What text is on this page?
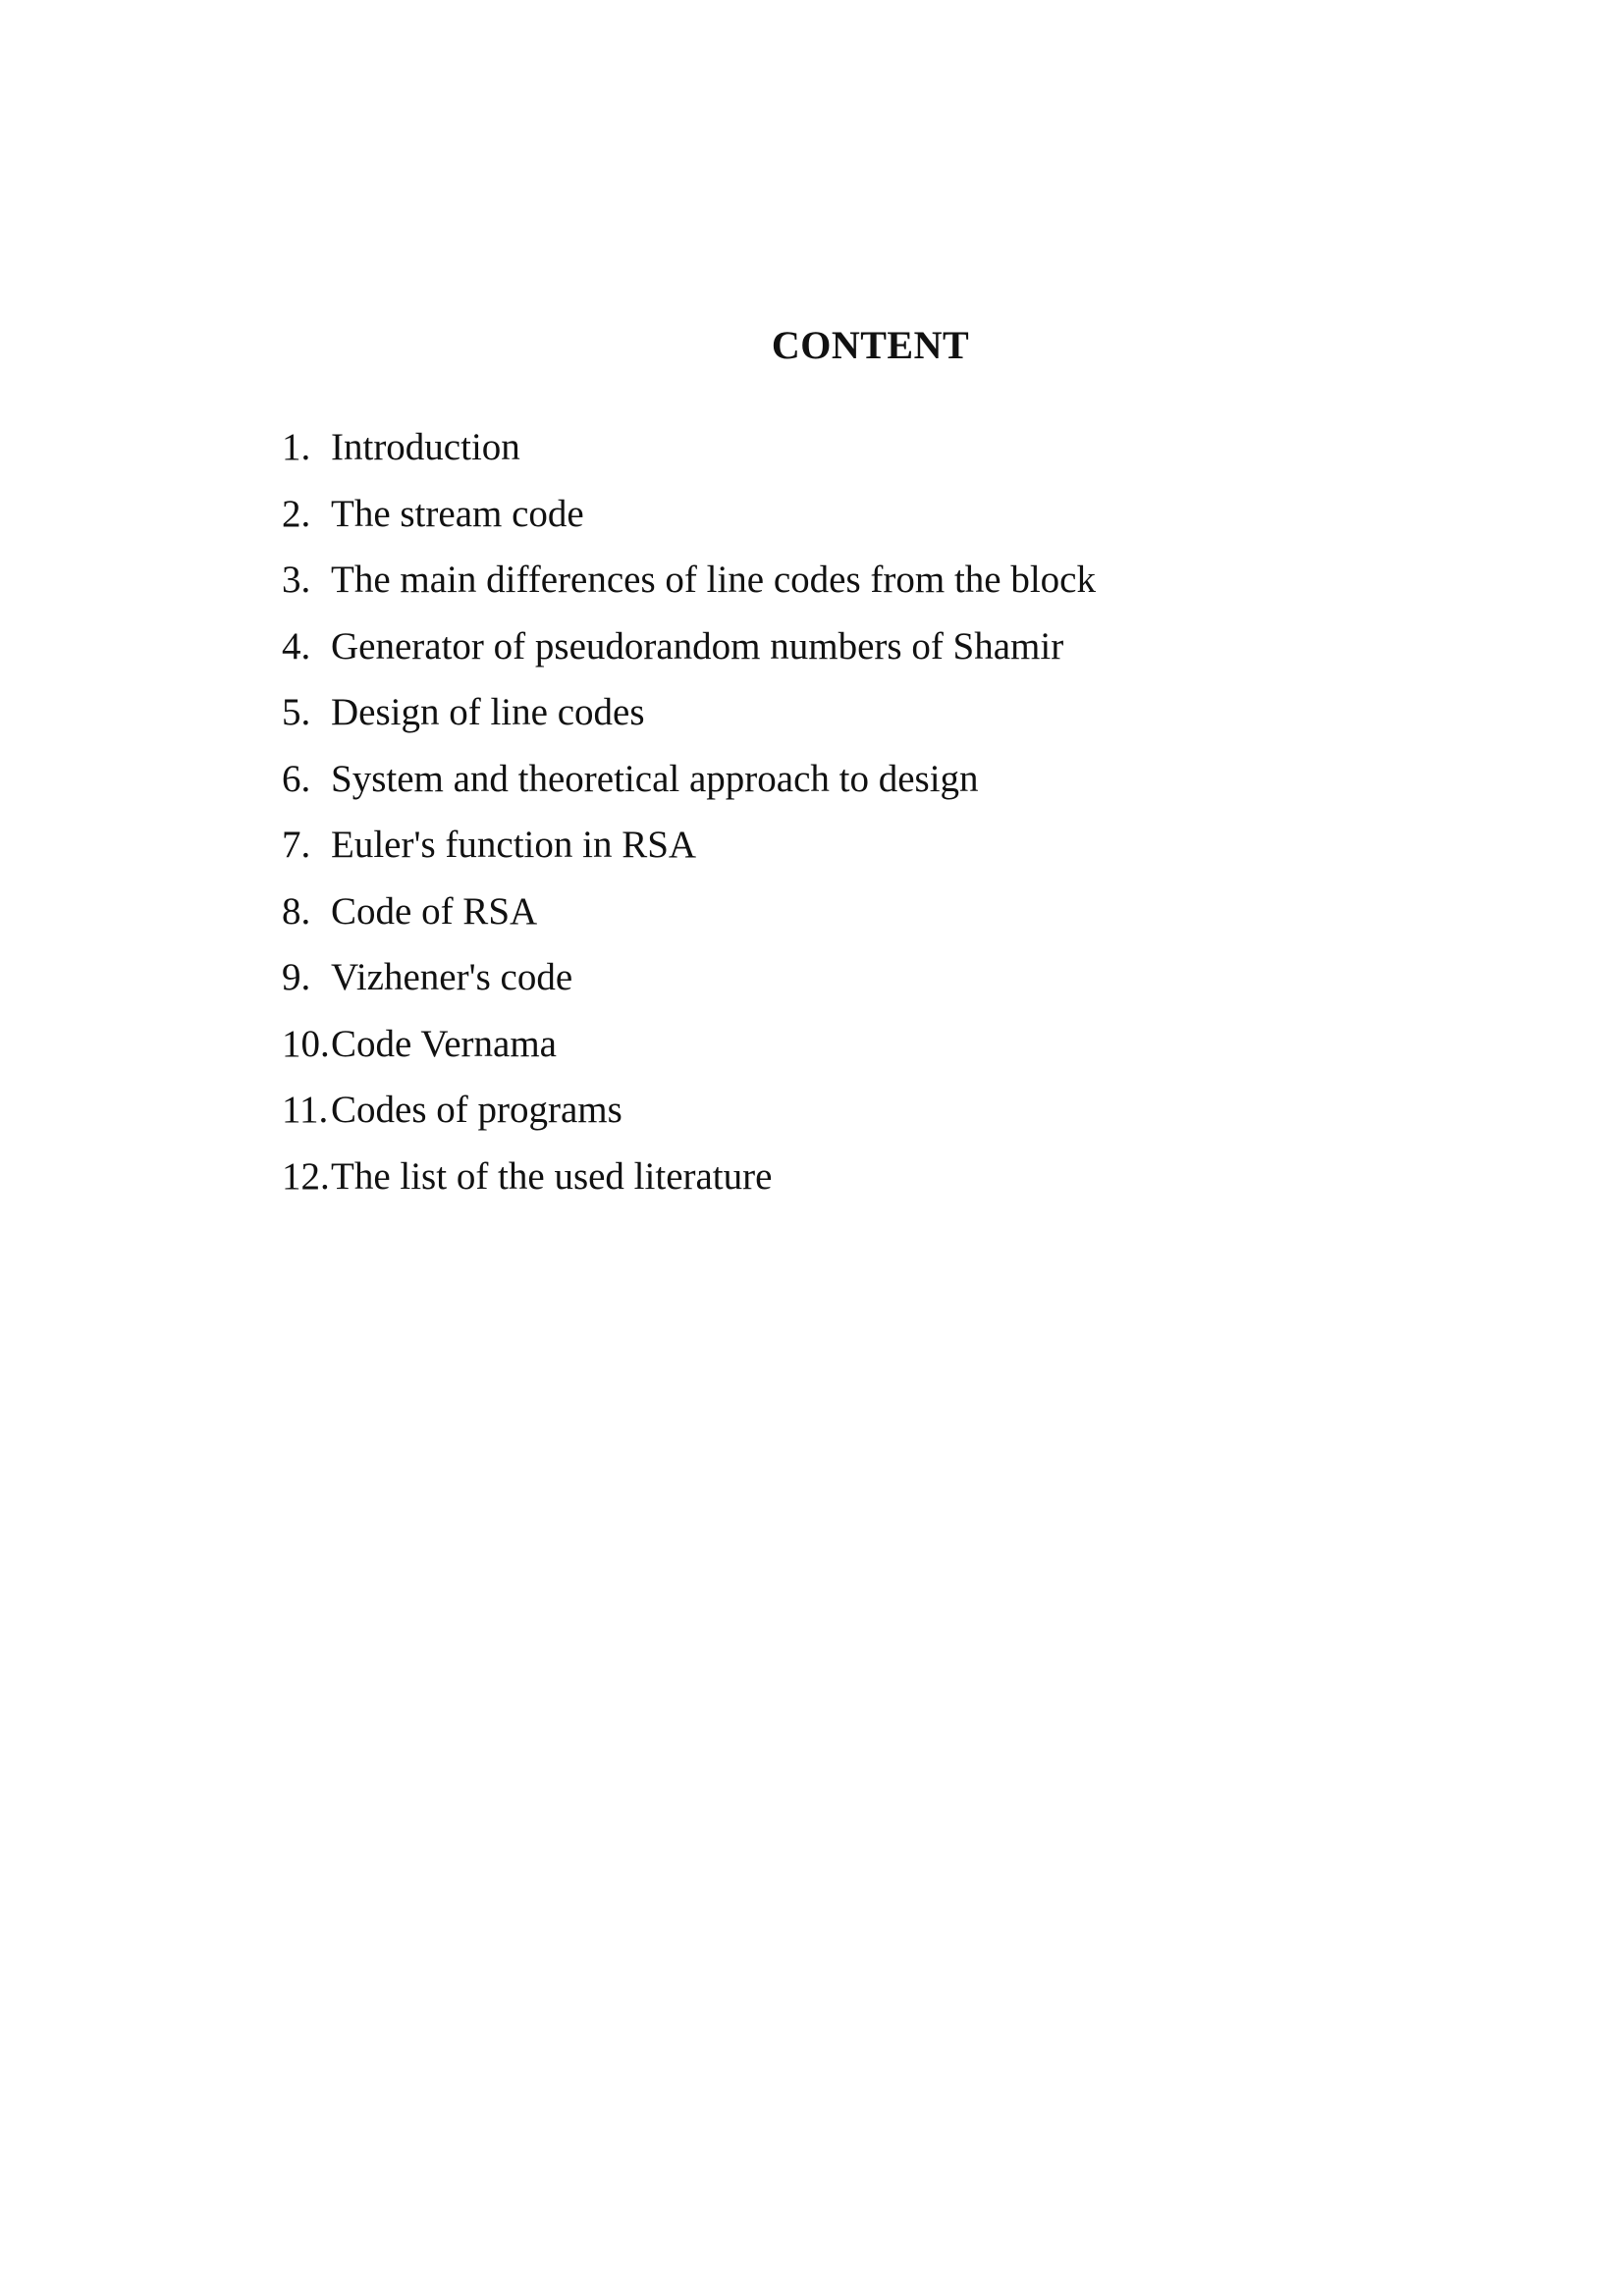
CONTENT
1. Introduction
2. The stream code
3. The main differences of line codes from the block
4. Generator of pseudorandom numbers of Shamir
5. Design of line codes
6. System and theoretical approach to design
7. Euler's function in RSA
8. Code of RSA
9. Vizhener's code
10. Code Vernama
11. Codes of programs
12. The list of the used literature
